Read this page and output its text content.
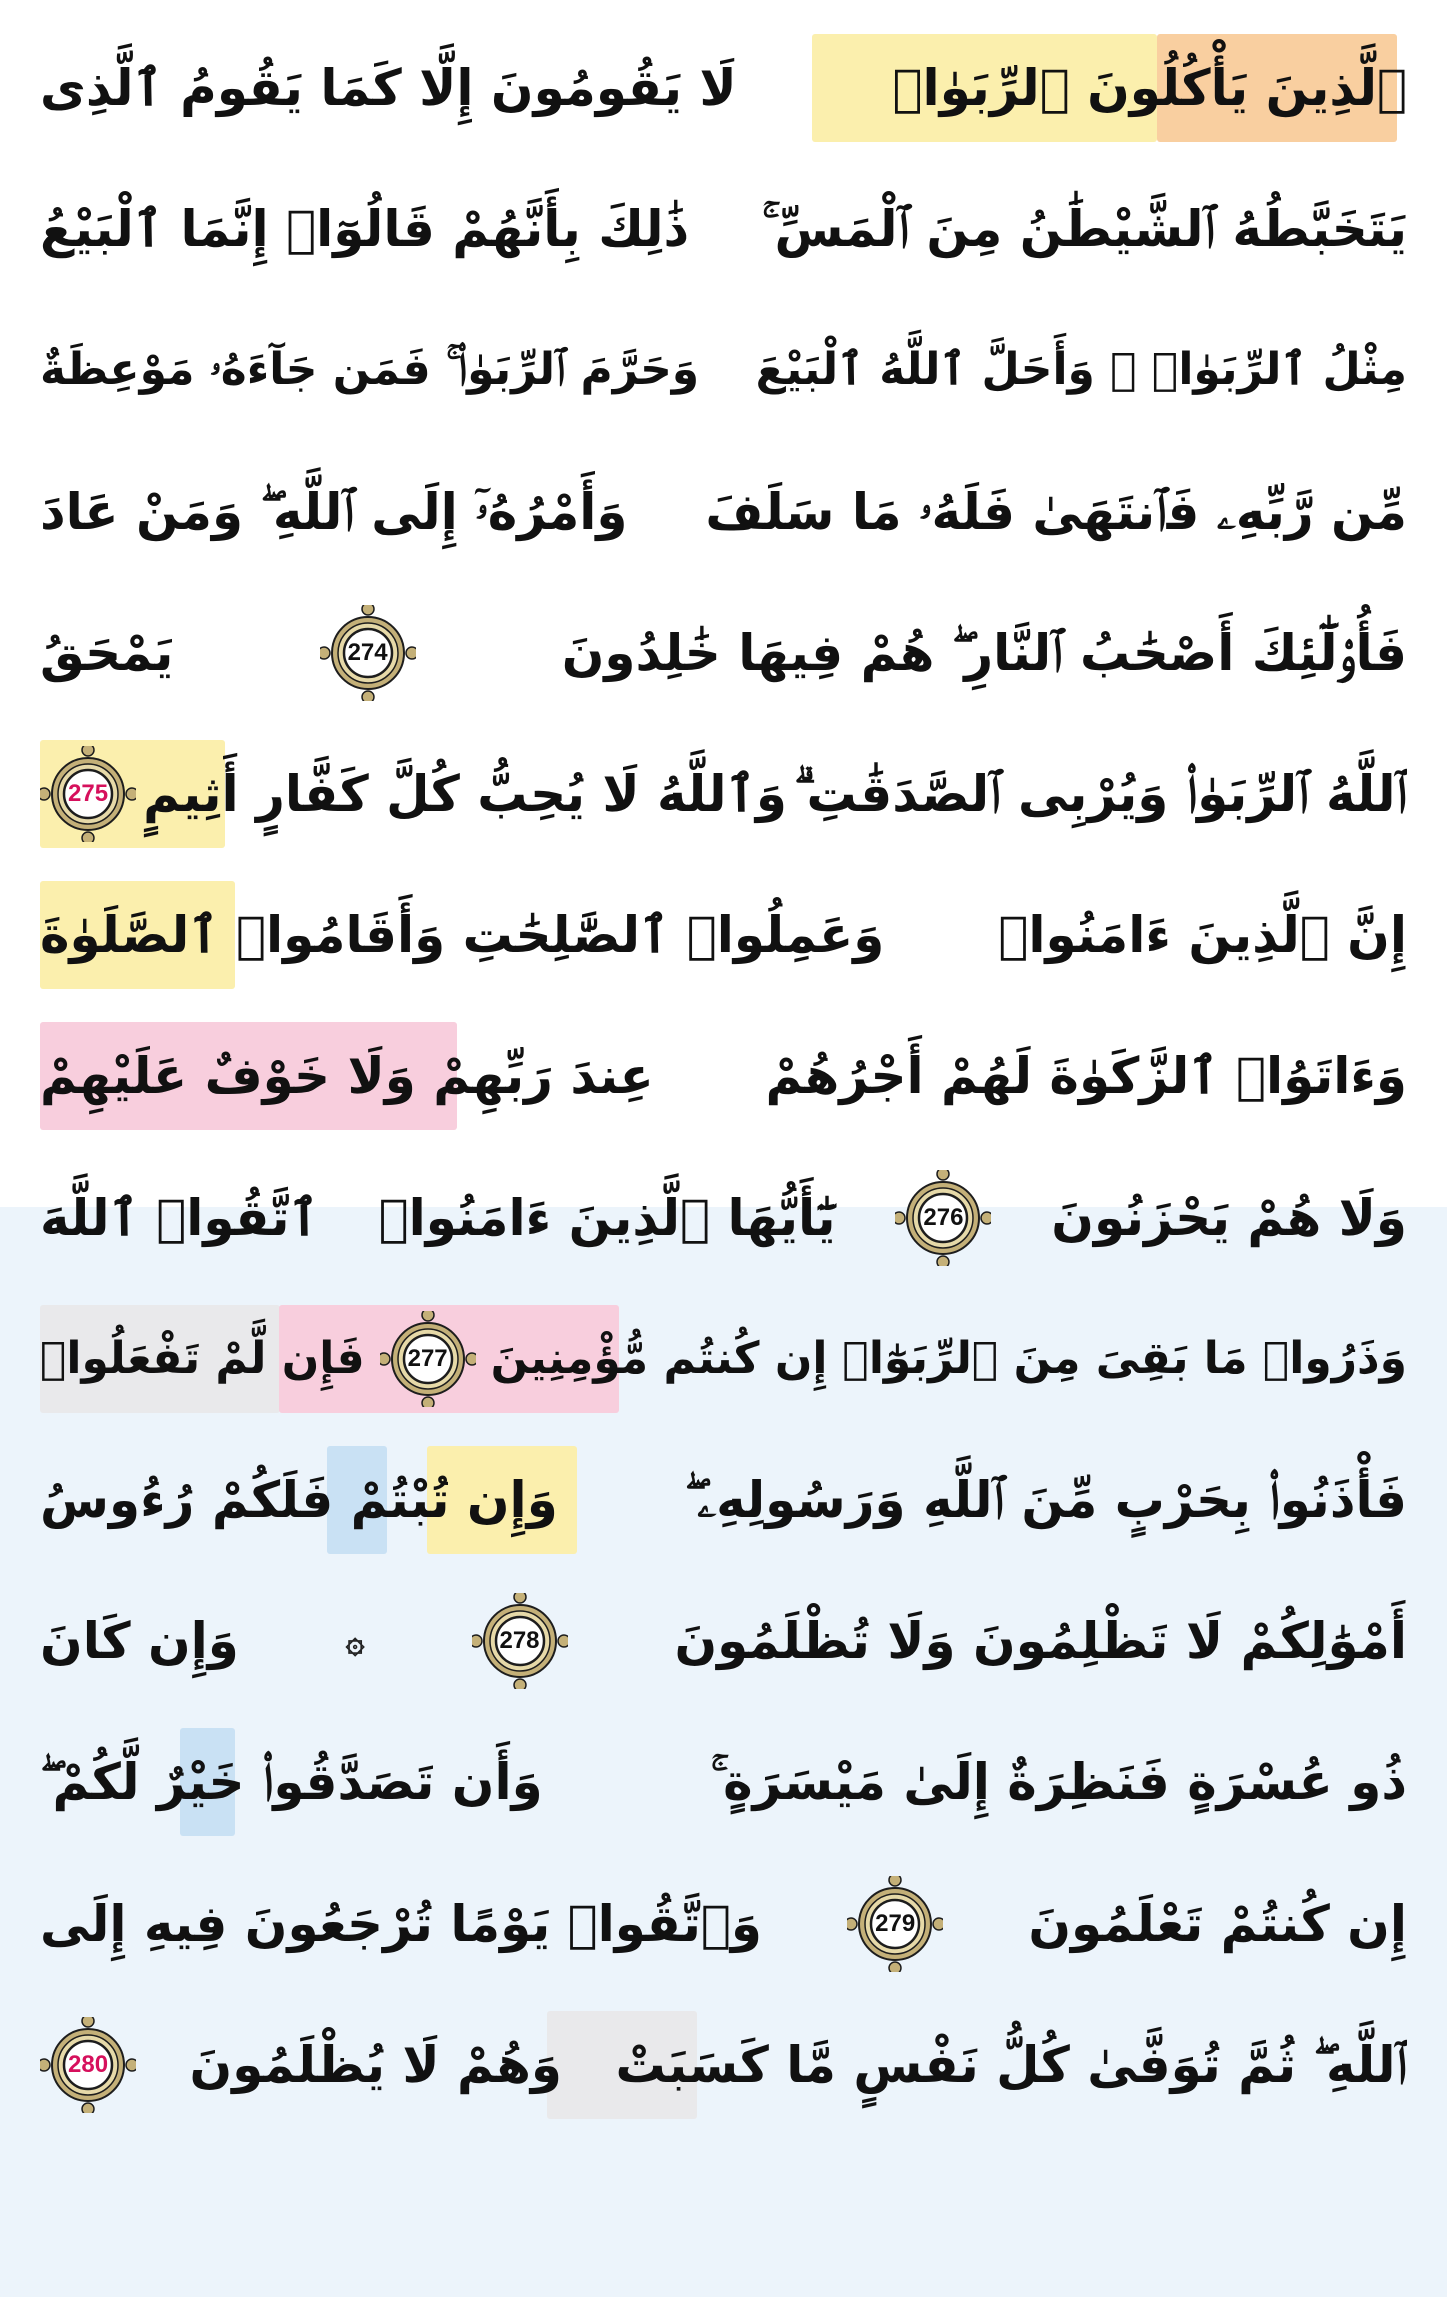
ٱلَّذِينَ يَأْكُلُونَ ٱلرِّبَوٰا۟
لَا يَقُومُونَ إِلَّا كَمَا يَقُومُ ٱلَّذِى
يَتَخَبَّطُهُ ٱلشَّيْطَٰنُ مِنَ ٱلْمَسِّ ۚ
ذَٰلِكَ بِأَنَّهُمْ قَالُوٓا۟ إِنَّمَا ٱلْبَيْعُ
مِثْلُ ٱلرِّبَوٰا۟ ۗ وَأَحَلَّ ٱللَّهُ ٱلْبَيْعَ
وَحَرَّمَ ٱلرِّبَوٰا۟ ۚ فَمَن جَآءَهُۥ مَوْعِظَةٌ
مِّن رَّبِّهِۦ فَٱنتَهَىٰ فَلَهُۥ مَا سَلَفَ
وَأَمْرُهُۥٓ إِلَى ٱللَّهِ ۖ وَمَنْ عَادَ
فَأُو۟لَٰٓئِكَ أَصْحَٰبُ ٱلنَّارِ ۖ هُمْ فِيهَا خَٰلِدُونَ
274
يَمْحَقُ
ٱللَّهُ ٱلرِّبَوٰا۟ وَيُرْبِى ٱلصَّدَقَٰتِ ۗ
وَٱللَّهُ لَا يُحِبُّ كُلَّ كَفَّارٍ أَثِيمٍ
275
إِنَّ ٱلَّذِينَ ءَامَنُوا۟
وَعَمِلُوا۟ ٱلصَّٰلِحَٰتِ وَأَقَامُوا۟ ٱلصَّلَوٰةَ
وَءَاتَوُا۟ ٱلزَّكَوٰةَ لَهُمْ أَجْرُهُمْ
عِندَ رَبِّهِمْ وَلَا خَوْفٌ عَلَيْهِمْ
وَلَا هُمْ يَحْزَنُونَ
276
يَٰٓأَيُّهَا ٱلَّذِينَ ءَامَنُوا۟
ٱتَّقُوا۟ ٱللَّهَ
وَذَرُوا۟ مَا بَقِىَ مِنَ ٱلرِّبَوٰٓا۟
إِن كُنتُم مُّؤْمِنِينَ
277
فَإِن لَّمْ تَفْعَلُوا۟
فَأْذَنُوا۟ بِحَرْبٍ مِّنَ ٱللَّهِ وَرَسُولِهِۦ ۖ
وَإِن تُبْتُمْ فَلَكُمْ رُءُوسُ
أَمْوَٰلِكُمْ لَا تَظْلِمُونَ وَلَا تُظْلَمُونَ
278
۞
وَإِن كَانَ
ذُو عُسْرَةٍ فَنَظِرَةٌ إِلَىٰ مَيْسَرَةٍ ۚ
وَأَن تَصَدَّقُوا۟ خَيْرٌ لَّكُمْ ۖ
إِن كُنتُمْ تَعْلَمُونَ
279
وَٱتَّقُوا۟ يَوْمًا تُرْجَعُونَ فِيهِ إِلَى
ٱللَّهِ ۖ ثُمَّ تُوَفَّىٰ كُلُّ نَفْسٍ مَّا كَسَبَتْ
وَهُمْ لَا يُظْلَمُونَ
280
